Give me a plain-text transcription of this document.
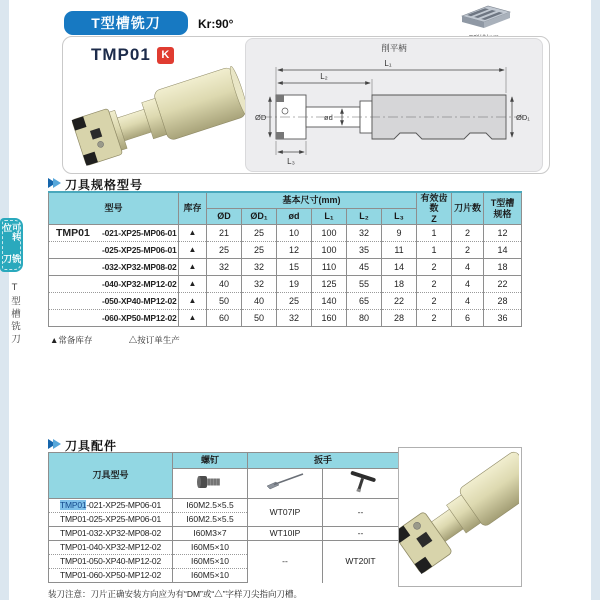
T型槽铣刀	Kr:90°
TMP01 K
削平柄
L₁
L₂
L₃
ØD	ød	ØD₁
刀具规格型号
型号	库存	基本尺寸(mm)						有效齿数
Z	刀片数	T型槽
规格
		ØD	ØD₁	ød	L₁	L₂	L₃			
TMP01 -021-XP25-MP06-01	▲	21	25	10	100	32	9	1	2	12
-025-XP25-MP06-01	▲	25	25	12	100	35	11	1	2	14
-032-XP32-MP08-02	▲	32	32	15	110	45	14	2	4	18
-040-XP32-MP12-02	▲	40	32	19	125	55	18	2	4	22
-050-XP40-MP12-02	▲	50	40	25	140	65	22	2	4	28
-060-XP50-MP12-02	▲	60	50	32	160	80	28	2	6	36
▲常备库存	△按订单生产
刀具配件
刀具型号	螺钉	扳手	

TMP01-021-XP25-MP06-01	I60M2.5×5.5	WT07IP	--
TMP01-025-XP25-MP06-01	I60M2.5×5.5		
TMP01-032-XP32-MP08-02	I60M3×7	WT10IP	--
TMP01-040-XP32-MP12-02	I60M5×10	--	WT20IT
TMP01-050-XP40-MP12-02	I60M5×10		
TMP01-060-XP50-MP12-02	I60M5×10		
装刀注意：刀片正确安装方向应为有“DM”或“△”字样刀尖指向刀槽。
可转位
铣刀
T型槽铣刀
